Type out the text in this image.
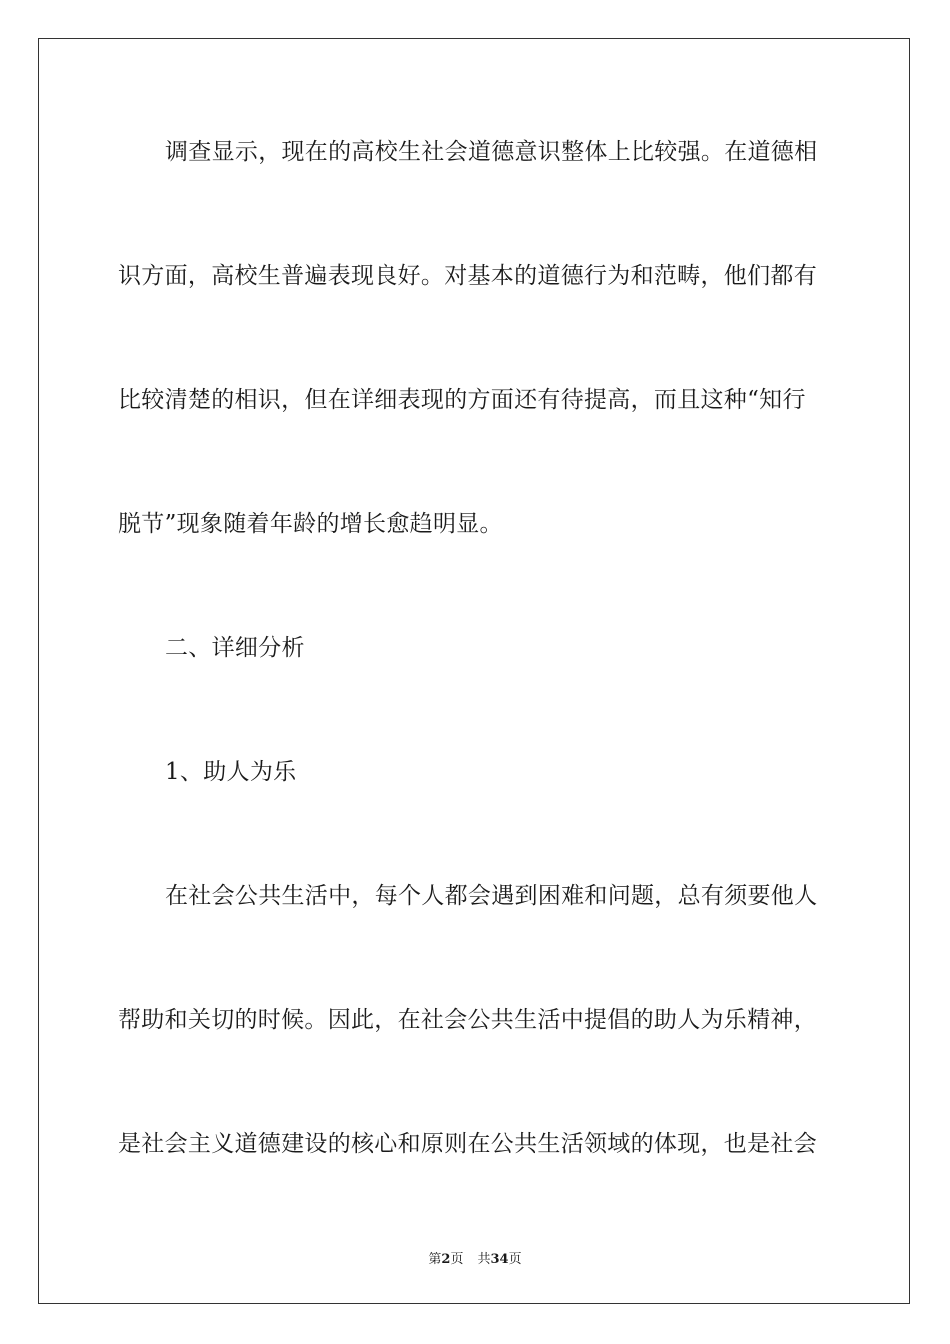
调查显示，现在的高校生社会道德意识整体上比较强。在道德相
识方面，高校生普遍表现良好。对基本的道德行为和范畴，他们都有
比较清楚的相识，但在详细表现的方面还有待提高，而且这种“知行
脱节”现象随着年龄的增长愈趋明显。
二、详细分析
1、助人为乐
在社会公共生活中，每个人都会遇到困难和问题，总有须要他人
帮助和关切的时候。因此，在社会公共生活中提倡的助人为乐精神，
是社会主义道德建设的核心和原则在公共生活领域的体现，也是社会
第2页 共34页
